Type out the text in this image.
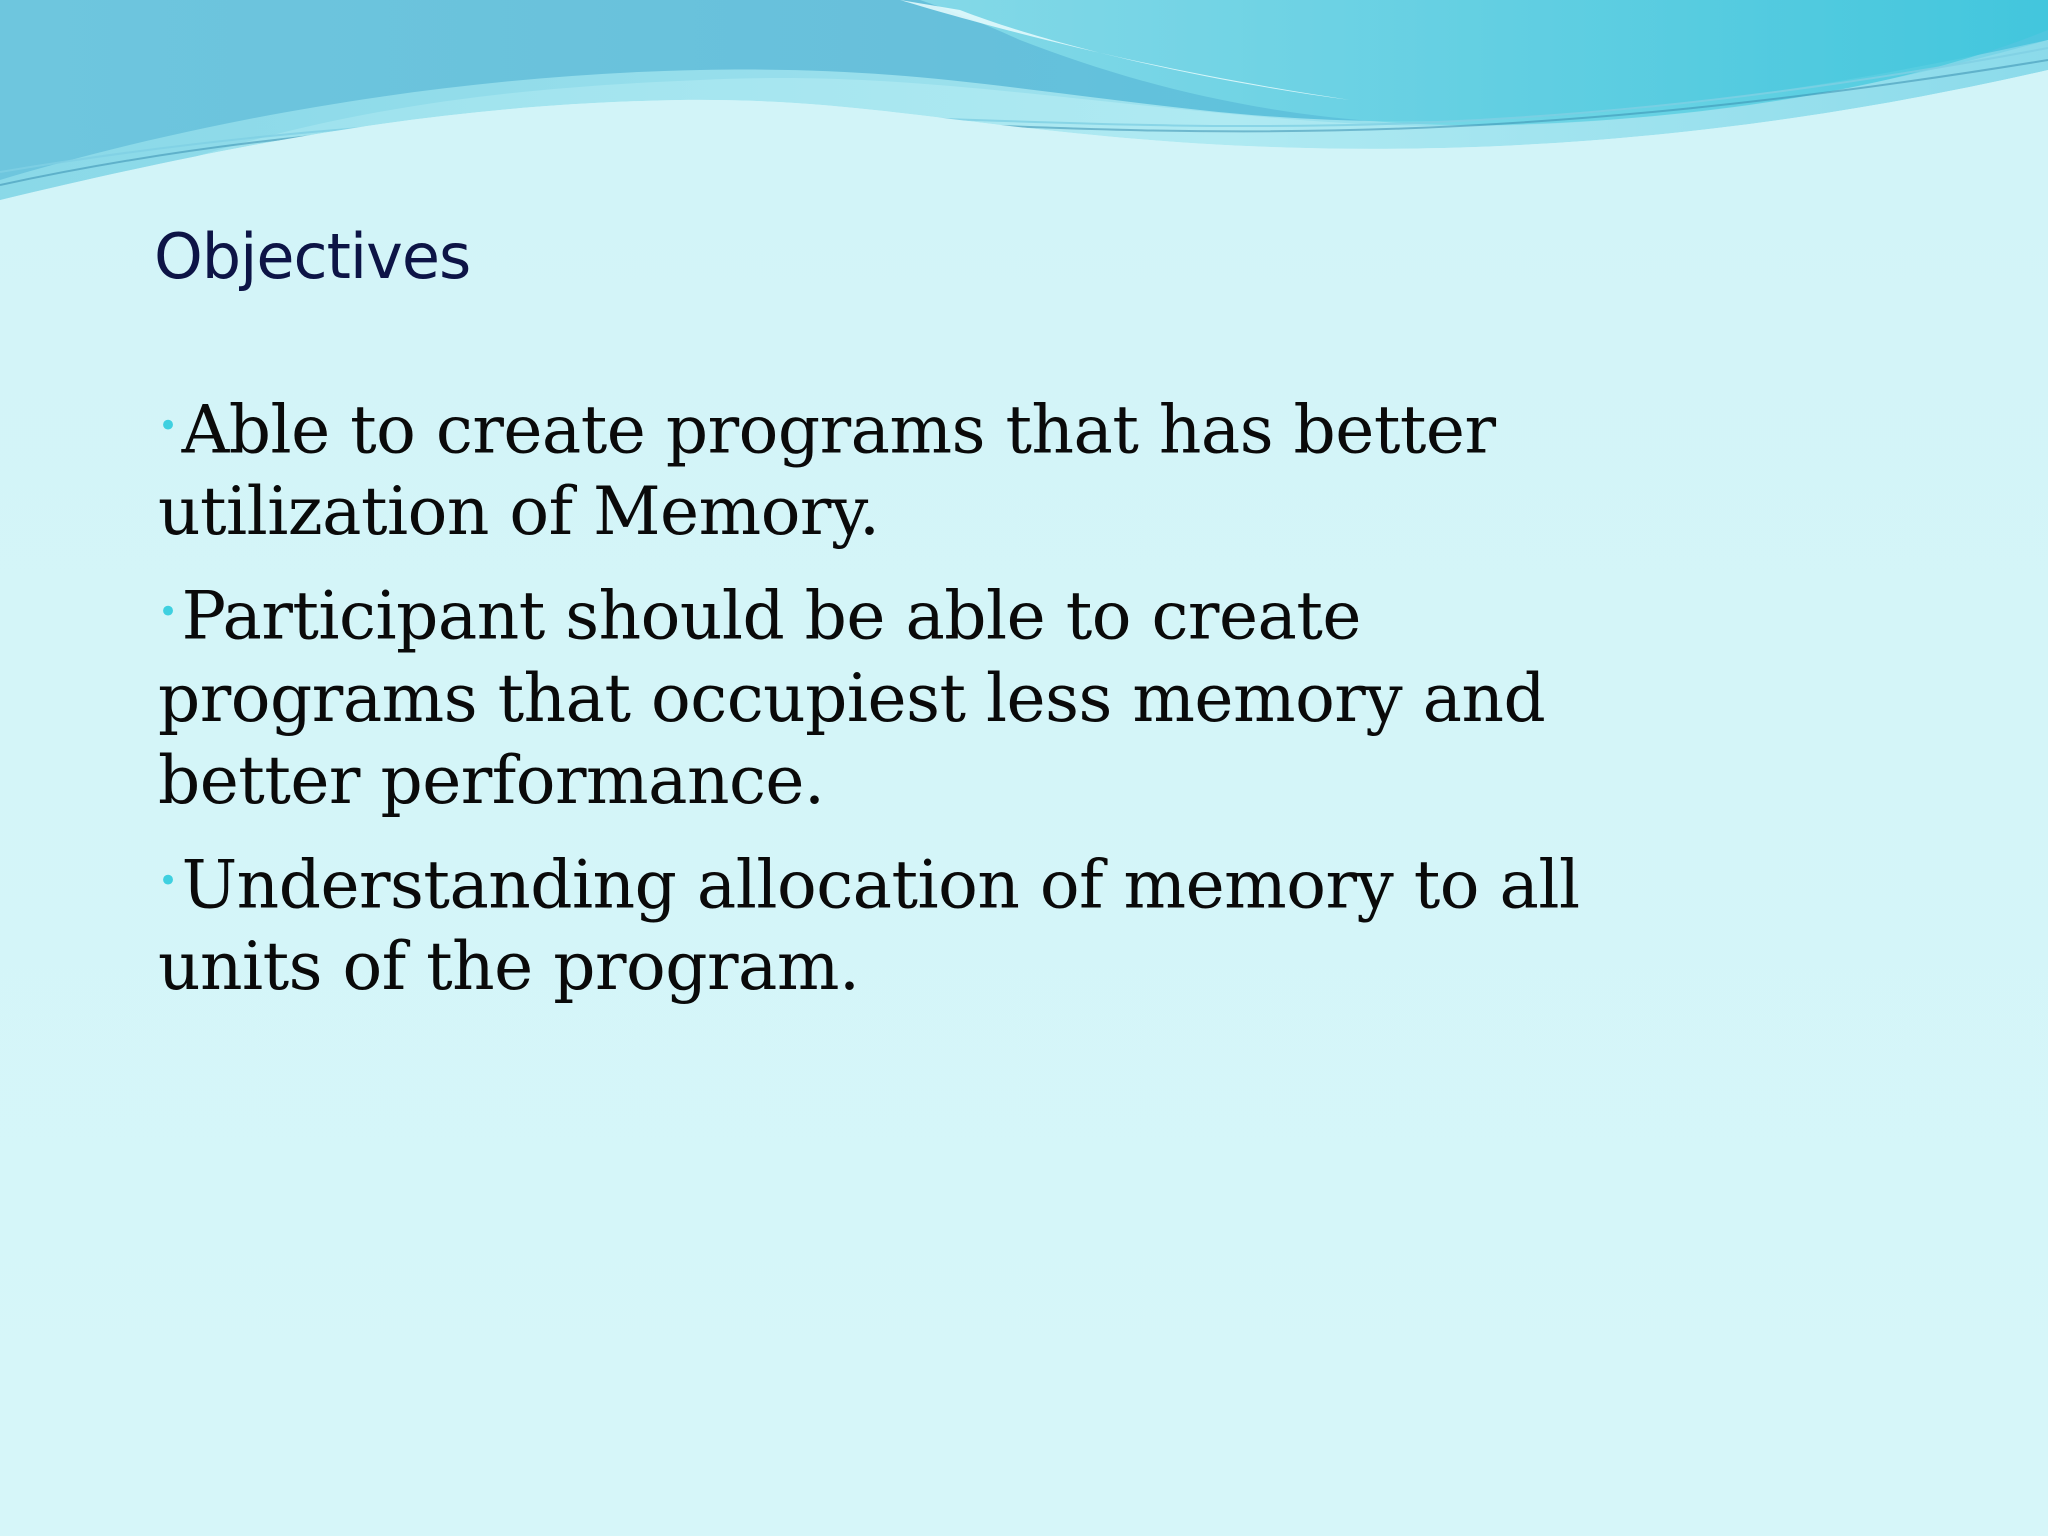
Objectives
•Able to create programs that has better utilization of Memory.
•Participant should be able to create programs that occupiest less memory and better performance.
•Understanding allocation of memory to all units of the program.
